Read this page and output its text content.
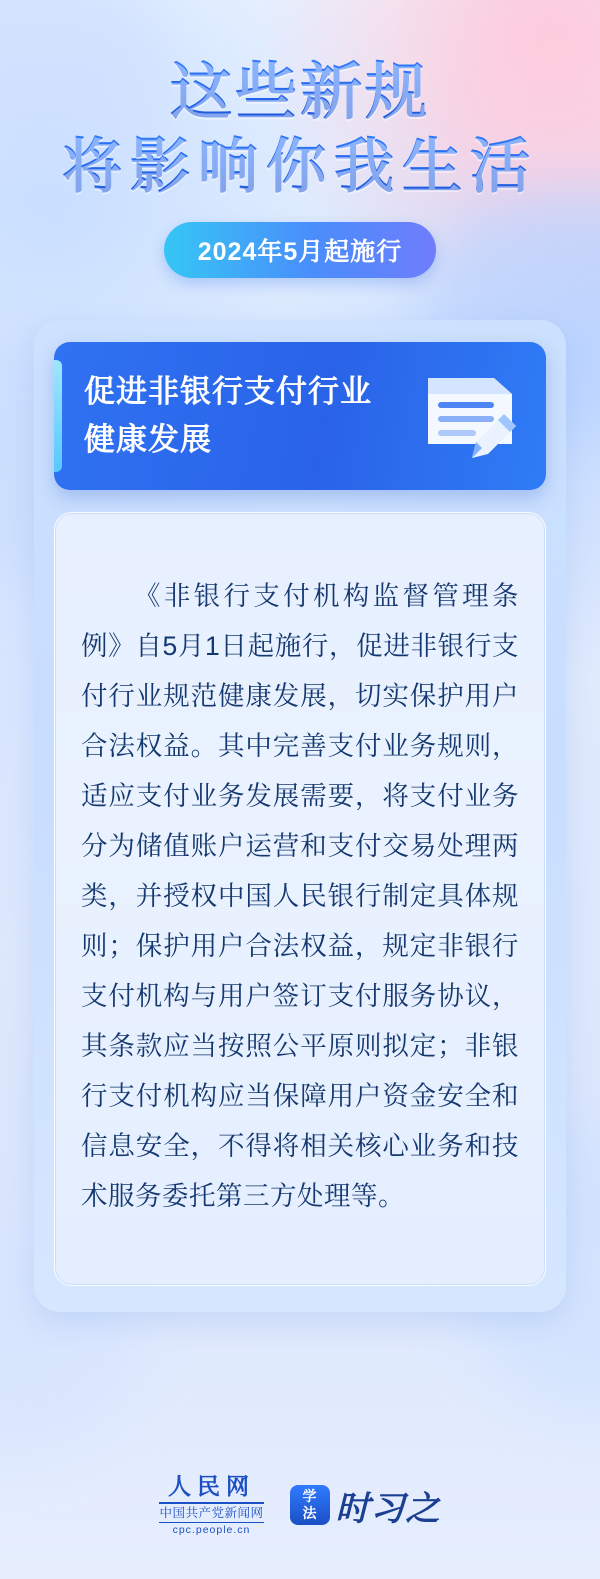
这些新规
将影响你我生活
2024年5月起施行
促进非银行支付行业健康发展
《非银行支付机构监督管理条例》自5月1日起施行，促进非银行支付行业规范健康发展，切实保护用户合法权益。其中完善支付业务规则，适应支付业务发展需要，将支付业务分为储值账户运营和支付交易处理两类，并授权中国人民银行制定具体规则；保护用户合法权益，规定非银行支付机构与用户签订支付服务协议，其条款应当按照公平原则拟定；非银行支付机构应当保障用户资金安全和信息安全，不得将相关核心业务和技术服务委托第三方处理等。
人民网
中国共产党新闻网
cpc.people.cn
学
法 时习之
